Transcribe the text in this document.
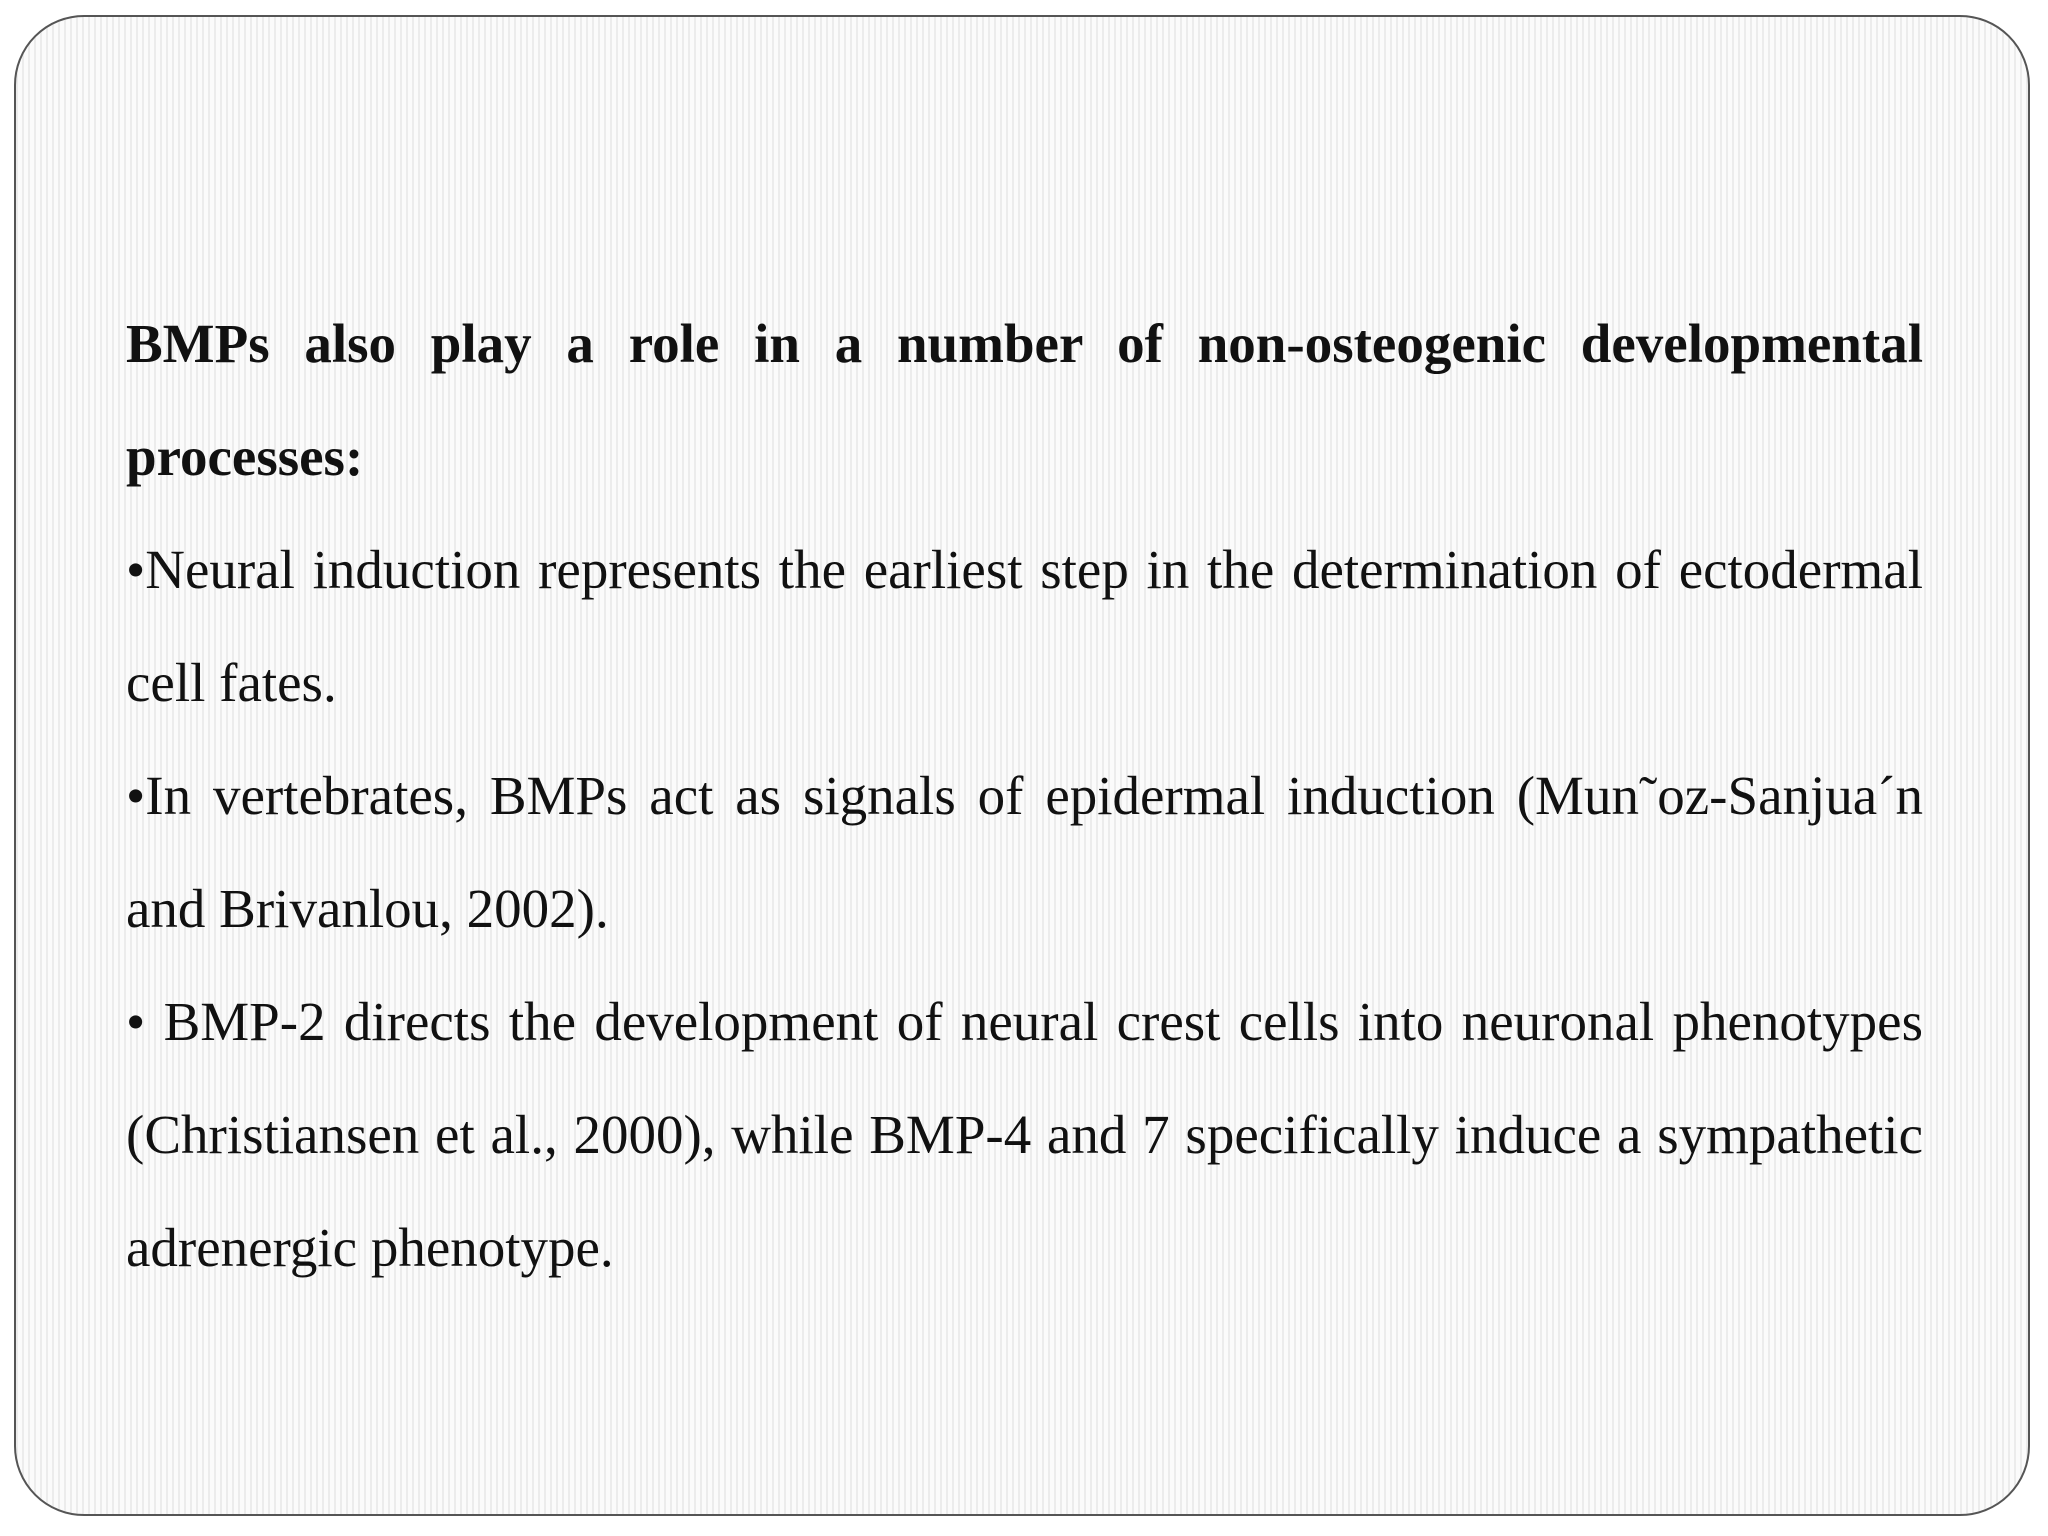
BMPs also play a role in a number of non-osteogenic developmental processes:

•Neural induction represents the earliest step in the determination of ectodermal cell fates.

•In vertebrates, BMPs act as signals of epidermal induction (Mun˜oz-Sanjua´n and Brivanlou, 2002).

• BMP-2 directs the development of neural crest cells into neuronal phenotypes (Christiansen et al., 2000), while BMP-4 and 7 specifically induce a sympathetic adrenergic phenotype.
